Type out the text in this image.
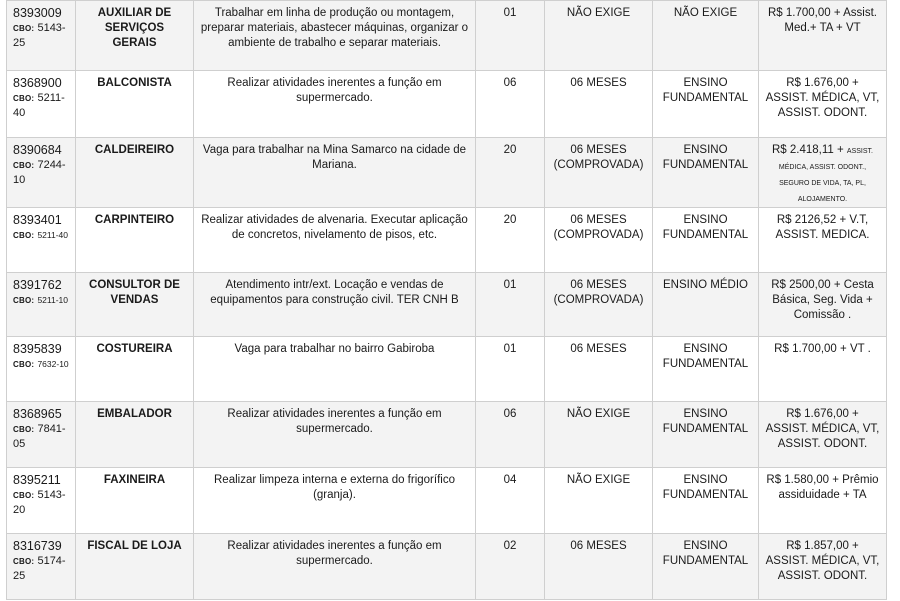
8393009
CBO: 5143-25	AUXILIAR DE SERVIÇOS GERAIS	Trabalhar em linha de produção ou montagem, preparar materiais, abastecer máquinas, organizar o ambiente de trabalho e separar materiais.	01	NÃO EXIGE	NÃO EXIGE	R$ 1.700,00 + Assist. Med.+ TA + VT

8368900
CBO: 5211-40	BALCONISTA	Realizar atividades inerentes a função em supermercado.	06	06 MESES	ENSINO FUNDAMENTAL	R$ 1.676,00 + ASSIST. MÉDICA, VT, ASSIST. ODONT.

8390684
CBO: 7244-10	CALDEIREIRO	Vaga para trabalhar na Mina Samarco na cidade de Mariana.	20	06 MESES (COMPROVADA)	ENSINO FUNDAMENTAL	R$ 2.418,11 + ASSIST. MÉDICA, ASSIST. ODONT., SEGURO DE VIDA, TA, PL, ALOJAMENTO.

8393401
CBO: 5211-40	CARPINTEIRO	Realizar atividades de alvenaria. Executar aplicação de concretos, nivelamento de pisos, etc.	20	06 MESES (COMPROVADA)	ENSINO FUNDAMENTAL	R$ 2126,52 + V.T, ASSIST. MEDICA.

8391762
CBO: 5211-10	CONSULTOR DE VENDAS	Atendimento intr/ext. Locação e vendas de equipamentos para construção civil. TER CNH B	01	06 MESES (COMPROVADA)	ENSINO MÉDIO	R$ 2500,00 + Cesta Básica, Seg. Vida + Comissão .

8395839
CBO: 7632-10	COSTUREIRA	Vaga para trabalhar no bairro Gabiroba	01	06 MESES	ENSINO FUNDAMENTAL	R$ 1.700,00 + VT .

8368965
CBO: 7841-05	EMBALADOR	Realizar atividades inerentes a função em supermercado.	06	NÃO EXIGE	ENSINO FUNDAMENTAL	R$ 1.676,00 + ASSIST. MÉDICA, VT, ASSIST. ODONT.

8395211
CBO: 5143-20	FAXINEIRA	Realizar limpeza interna e externa do frigorífico (granja).	04	NÃO EXIGE	ENSINO FUNDAMENTAL	R$ 1.580,00 + Prêmio assiduidade + TA

8316739
CBO: 5174-25	FISCAL DE LOJA	Realizar atividades inerentes a função em supermercado.	02	06 MESES	ENSINO FUNDAMENTAL	R$ 1.857,00 + ASSIST. MÉDICA, VT, ASSIST. ODONT.
